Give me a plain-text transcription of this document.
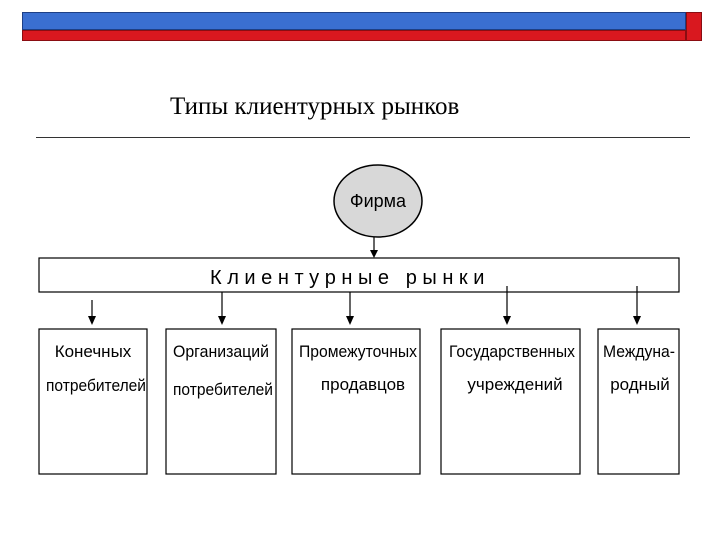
Типы клиентурных рынков
Фирма
К л и е н т у р н ы е   р ы н к и
Конечных
потребителей
Организаций
потребителей
Промежуточных
продавцов
Государственных
учреждений
Междуна-
родный
